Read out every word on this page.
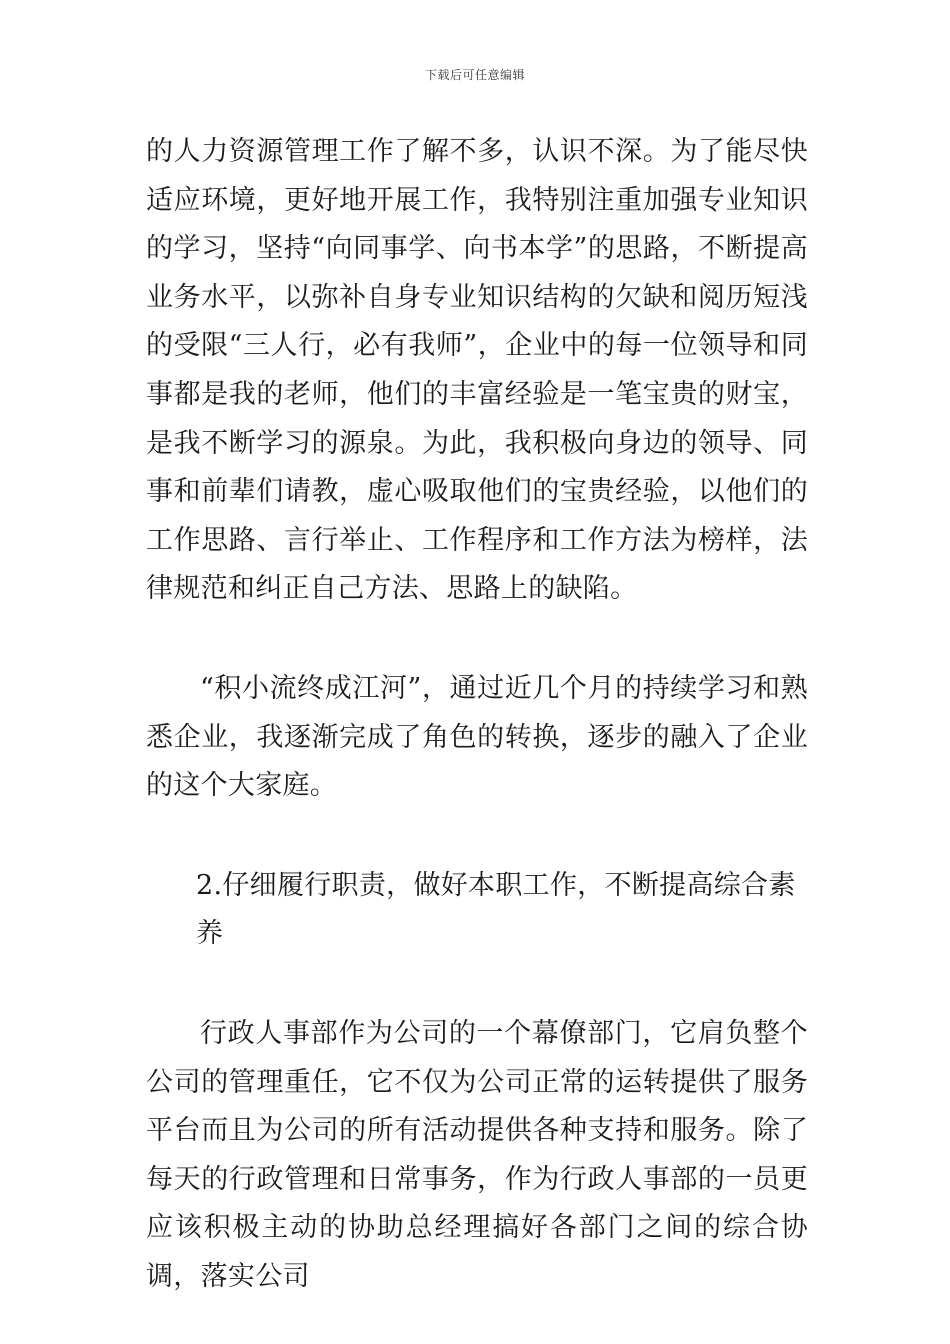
下载后可任意编辑

的人力资源管理工作了解不多，认识不深。为了能尽快适应环境，更好地开展工作，我特别注重加强专业知识的学习，坚持“向同事学、向书本学”的思路，不断提高业务水平，以弥补自身专业知识结构的欠缺和阅历短浅的受限“三人行，必有我师”，企业中的每一位领导和同事都是我的老师，他们的丰富经验是一笔宝贵的财宝，是我不断学习的源泉。为此，我积极向身边的领导、同事和前辈们请教，虚心吸取他们的宝贵经验，以他们的工作思路、言行举止、工作程序和工作方法为榜样，法律规范和纠正自己方法、思路上的缺陷。

“积小流终成江河”，通过近几个月的持续学习和熟悉企业，我逐渐完成了角色的转换，逐步的融入了企业的这个大家庭。

2.仔细履行职责，做好本职工作，不断提高综合素养

行政人事部作为公司的一个幕僚部门，它肩负整个公司的管理重任，它不仅为公司正常的运转提供了服务平台而且为公司的所有活动提供各种支持和服务。除了每天的行政管理和日常事务，作为行政人事部的一员更应该积极主动的协助总经理搞好各部门之间的综合协调，落实公司
